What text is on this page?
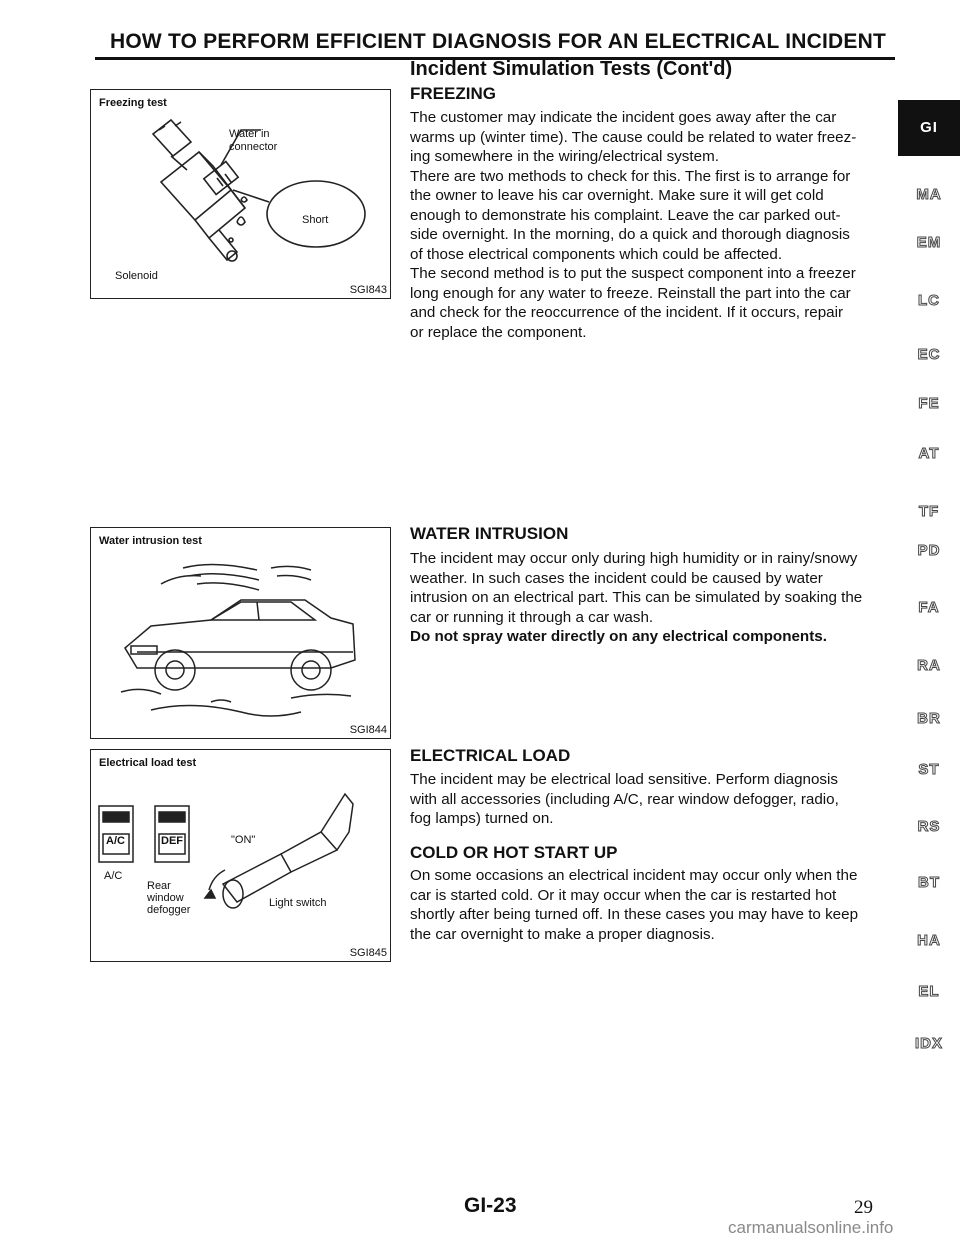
HOW TO PERFORM EFFICIENT DIAGNOSIS FOR AN ELECTRICAL INCIDENT
Incident Simulation Tests (Cont'd)
FREEZING
The customer may indicate the incident goes away after the car
warms up (winter time). The cause could be related to water freez-
ing somewhere in the wiring/electrical system.
There are two methods to check for this. The first is to arrange for
the owner to leave his car overnight. Make sure it will get cold
enough to demonstrate his complaint. Leave the car parked out-
side overnight. In the morning, do a quick and thorough diagnosis
of those electrical components which could be affected.
The second method is to put the suspect component into a freezer
long enough for any water to freeze. Reinstall the part into the car
and check for the reoccurrence of the incident. If it occurs, repair
or replace the component.
WATER INTRUSION
The incident may occur only during high humidity or in rainy/snowy
weather. In such cases the incident could be caused by water
intrusion on an electrical part. This can be simulated by soaking the
car or running it through a car wash.
Do not spray water directly on any electrical components.
ELECTRICAL LOAD
The incident may be electrical load sensitive. Perform diagnosis
with all accessories (including A/C, rear window defogger, radio,
fog lamps) turned on.
COLD OR HOT START UP
On some occasions an electrical incident may occur only when the
car is started cold. Or it may occur when the car is restarted hot
shortly after being turned off. In these cases you may have to keep
the car overnight to make a proper diagnosis.
Freezing test
Water in
connector
Short
Solenoid
SGI843
Water intrusion test
SGI844
Electrical load test
A/C	DEF
A/C
Rear
window
defogger
"ON"
Light switch
SGI845
GI
MA
EM
LC
EC
FE
AT
TF
PD
FA
RA
BR
ST
RS
BT
HA
EL
IDX
GI-23	29
carmanualsonline.info
